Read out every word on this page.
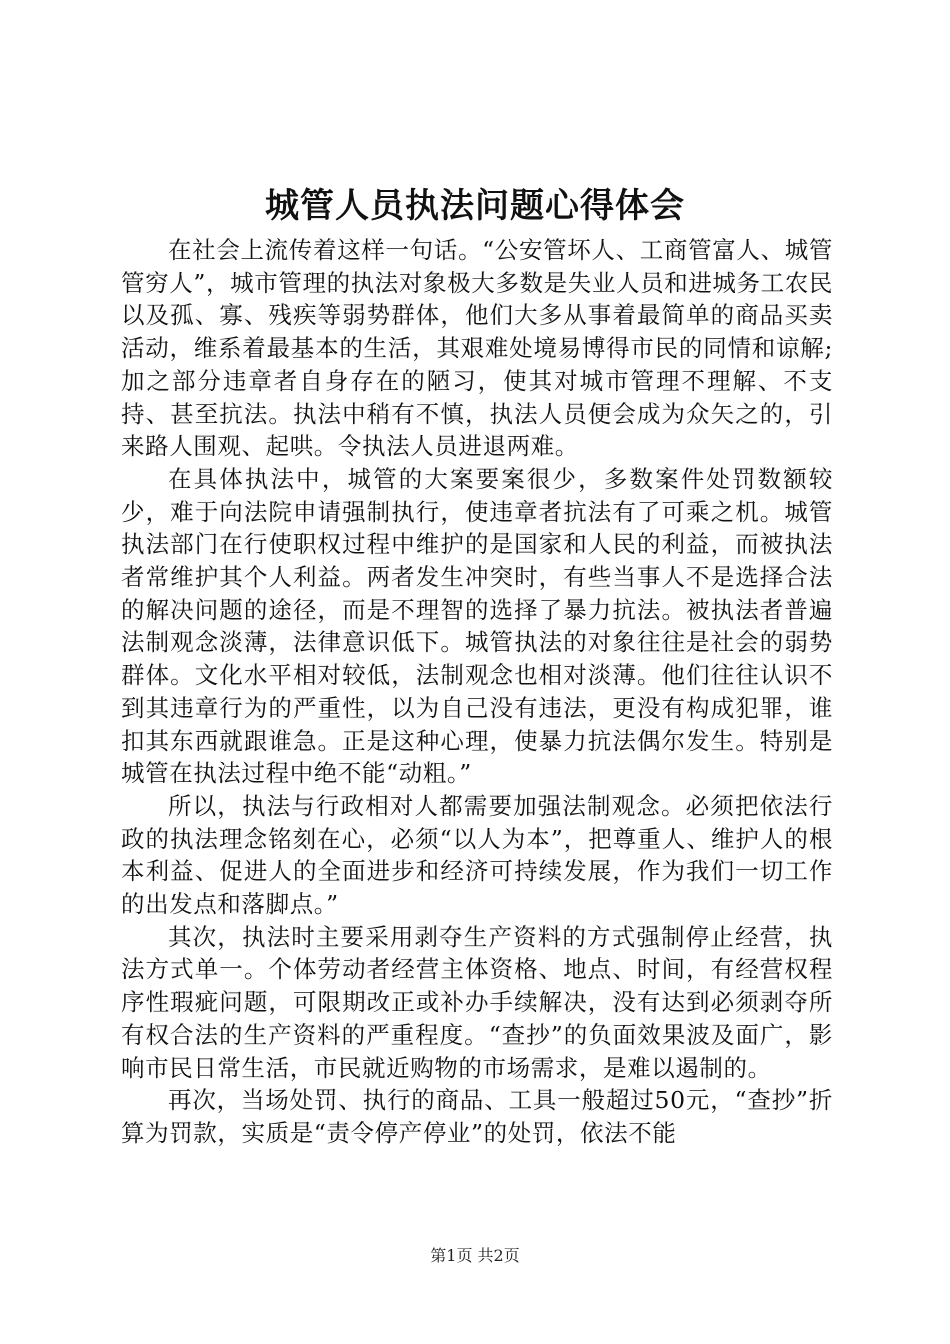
城管人员执法问题心得体会

在社会上流传着这样一句话。“公安管坏人、工商管富人、城管管穷人”，城市管理的执法对象极大多数是失业人员和进城务工农民以及孤、寡、残疾等弱势群体，他们大多从事着最简单的商品买卖活动，维系着最基本的生活，其艰难处境易博得市民的同情和谅解;加之部分违章者自身存在的陋习，使其对城市管理不理解、不支持、甚至抗法。执法中稍有不慎，执法人员便会成为众矢之的，引来路人围观、起哄。令执法人员进退两难。

在具体执法中，城管的大案要案很少，多数案件处罚数额较少，难于向法院申请强制执行，使违章者抗法有了可乘之机。城管执法部门在行使职权过程中维护的是国家和人民的利益，而被执法者常维护其个人利益。两者发生冲突时，有些当事人不是选择合法的解决问题的途径，而是不理智的选择了暴力抗法。被执法者普遍法制观念淡薄，法律意识低下。城管执法的对象往往是社会的弱势群体。文化水平相对较低，法制观念也相对淡薄。他们往往认识不到其违章行为的严重性，以为自己没有违法，更没有构成犯罪，谁扣其东西就跟谁急。正是这种心理，使暴力抗法偶尔发生。特别是城管在执法过程中绝不能“动粗。”

所以，执法与行政相对人都需要加强法制观念。必须把依法行政的执法理念铭刻在心，必须“以人为本”，把尊重人、维护人的根本利益、促进人的全面进步和经济可持续发展，作为我们一切工作的出发点和落脚点。”

其次，执法时主要采用剥夺生产资料的方式强制停止经营，执法方式单一。个体劳动者经营主体资格、地点、时间，有经营权程序性瑕疵问题，可限期改正或补办手续解决，没有达到必须剥夺所有权合法的生产资料的严重程度。“查抄”的负面效果波及面广，影响市民日常生活，市民就近购物的市场需求，是难以遏制的。

再次，当场处罚、执行的商品、工具一般超过50元，“查抄”折算为罚款，实质是“责令停产停业”的处罚，依法不能

第1页 共2页
